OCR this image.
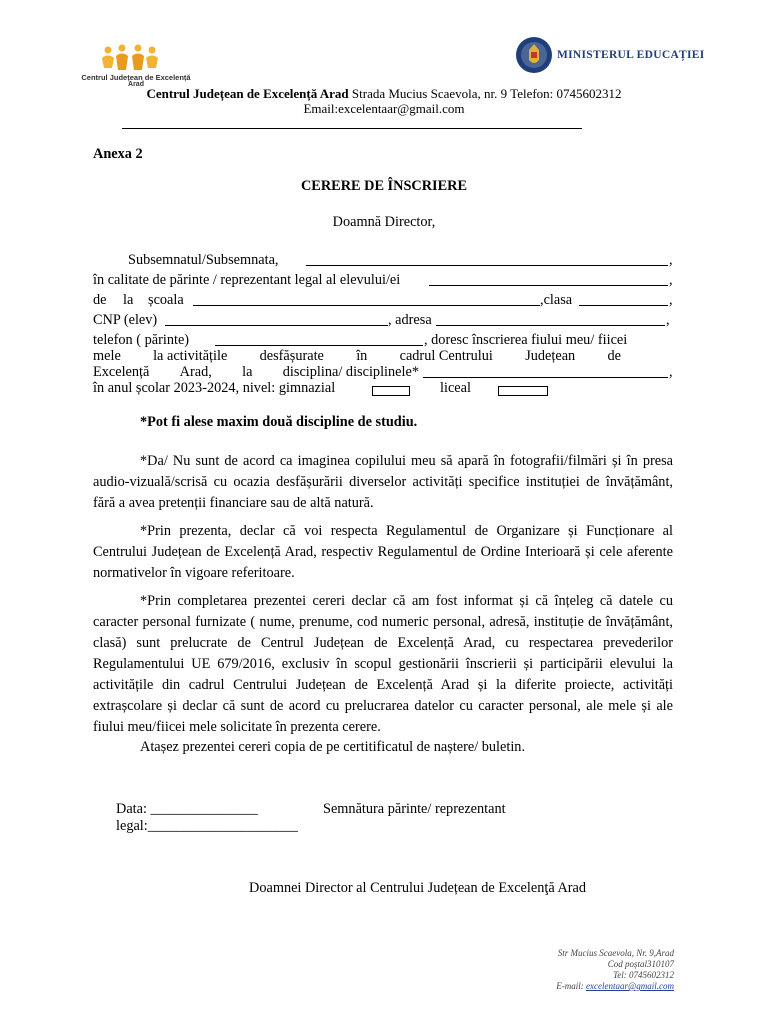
Centrul Județean de Excelență
Arad
MINISTERUL EDUCAȚIEI
Centrul Județean de Excelență Arad Strada Mucius Scaevola, nr. 9 Telefon: 0745602312
Email:excelentaar@gmail.com
Anexa 2
CERERE DE ÎNSCRIERE
Doamnă Director,
Subsemnatul/Subsemnata,	,
în calitate de părinte / reprezentant legal al elevului/ei	,
de la școala	,clasa	,
CNP (elev)	, adresa	,
telefon ( părinte)	, doresc înscrierea fiului meu/ fiicei
mele la activitățile desfășurate în cadrul Centrului Județean de
Excelență Arad, la disciplina/ disciplinele*	,
în anul școlar 2023-2024, nivel: gimnazial	liceal
*Pot fi alese maxim două discipline de studiu.
*Da/ Nu sunt de acord ca imaginea copilului meu să apară în fotografii/filmări și în presa audio-vizuală/scrisă cu ocazia desfășurării diverselor activități specifice instituției de învățământ, fără a avea pretenții financiare sau de altă natură.
*Prin prezenta, declar că voi respecta Regulamentul de Organizare și Funcționare al Centrului Județean de Excelență Arad, respectiv Regulamentul de Ordine Interioară și cele aferente normativelor în vigoare referitoare.
*Prin completarea prezentei cereri declar că am fost informat și că înțeleg că datele cu caracter personal furnizate ( nume, prenume, cod numeric personal, adresă, instituție de învățământ, clasă) sunt prelucrate de Centrul Județean de Excelență Arad, cu respectarea prevederilor Regulamentului UE 679/2016, exclusiv în scopul gestionării înscrierii și participării elevului la activitățile din cadrul Centrului Județean de Excelență Arad și la diferite proiecte, activități extrașcolare și declar că sunt de acord cu prelucrarea datelor cu caracter personal, ale mele și ale fiului meu/fiicei mele solicitate în prezenta cerere.
Atașez prezentei cereri copia de pe certitificatul de naștere/ buletin.
Data: _______________	Semnătura părinte/ reprezentant
legal:_____________________
Doamnei Director al Centrului Județean de Excelenţă Arad
Str Mucius Scaevola, Nr. 9,Arad
Cod poștal310107
Tel: 0745602312
E-mail: excelentaar@gmail.com
